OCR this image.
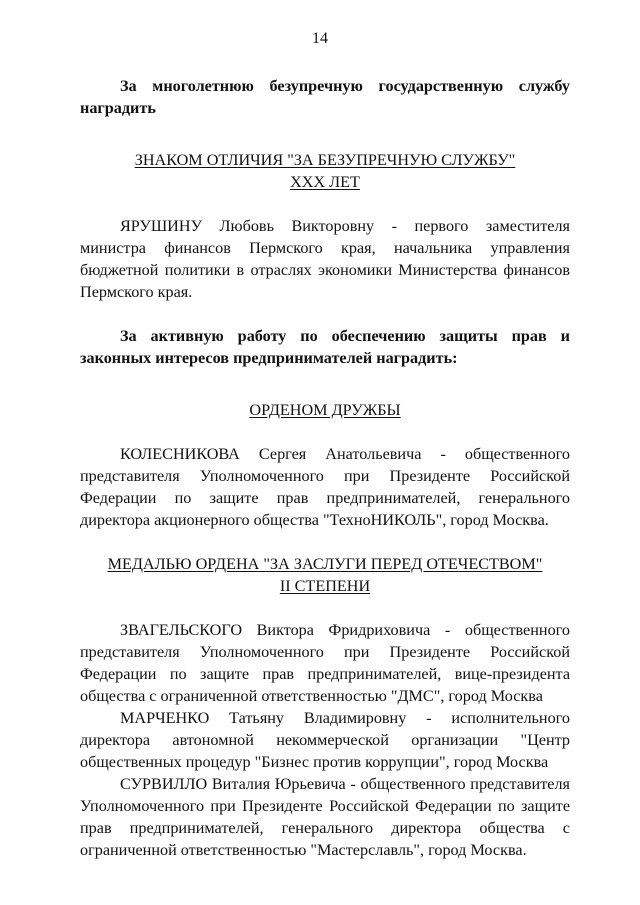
14

За многолетнюю безупречную государственную службу наградить

ЗНАКОМ ОТЛИЧИЯ "ЗА БЕЗУПРЕЧНУЮ СЛУЖБУ"

XXX ЛЕТ

ЯРУШИНУ Любовь Викторовну - первого заместителя министра финансов Пермского края, начальника управления бюджетной политики в отраслях экономики Министерства финансов Пермского края.

За активную работу по обеспечению защиты прав и законных интересов предпринимателей наградить:

ОРДЕНОМ ДРУЖБЫ

КОЛЕСНИКОВА Сергея Анатольевича - общественного представителя Уполномоченного при Президенте Российской Федерации по защите прав предпринимателей, генерального директора акционерного общества "ТехноНИКОЛЬ", город Москва.

МЕДАЛЬЮ ОРДЕНА "ЗА ЗАСЛУГИ ПЕРЕД ОТЕЧЕСТВОМ"

II СТЕПЕНИ

ЗВАГЕЛЬСКОГО Виктора Фридриховича - общественного представителя Уполномоченного при Президенте Российской Федерации по защите прав предпринимателей, вице-президента общества с ограниченной ответственностью "ДМС", город Москва

МАРЧЕНКО Татьяну Владимировну - исполнительного директора автономной некоммерческой организации "Центр общественных процедур "Бизнес против коррупции", город Москва

СУРВИЛЛО Виталия Юрьевича - общественного представителя Уполномоченного при Президенте Российской Федерации по защите прав предпринимателей, генерального директора общества с ограниченной ответственностью "Мастерславль", город Москва.
